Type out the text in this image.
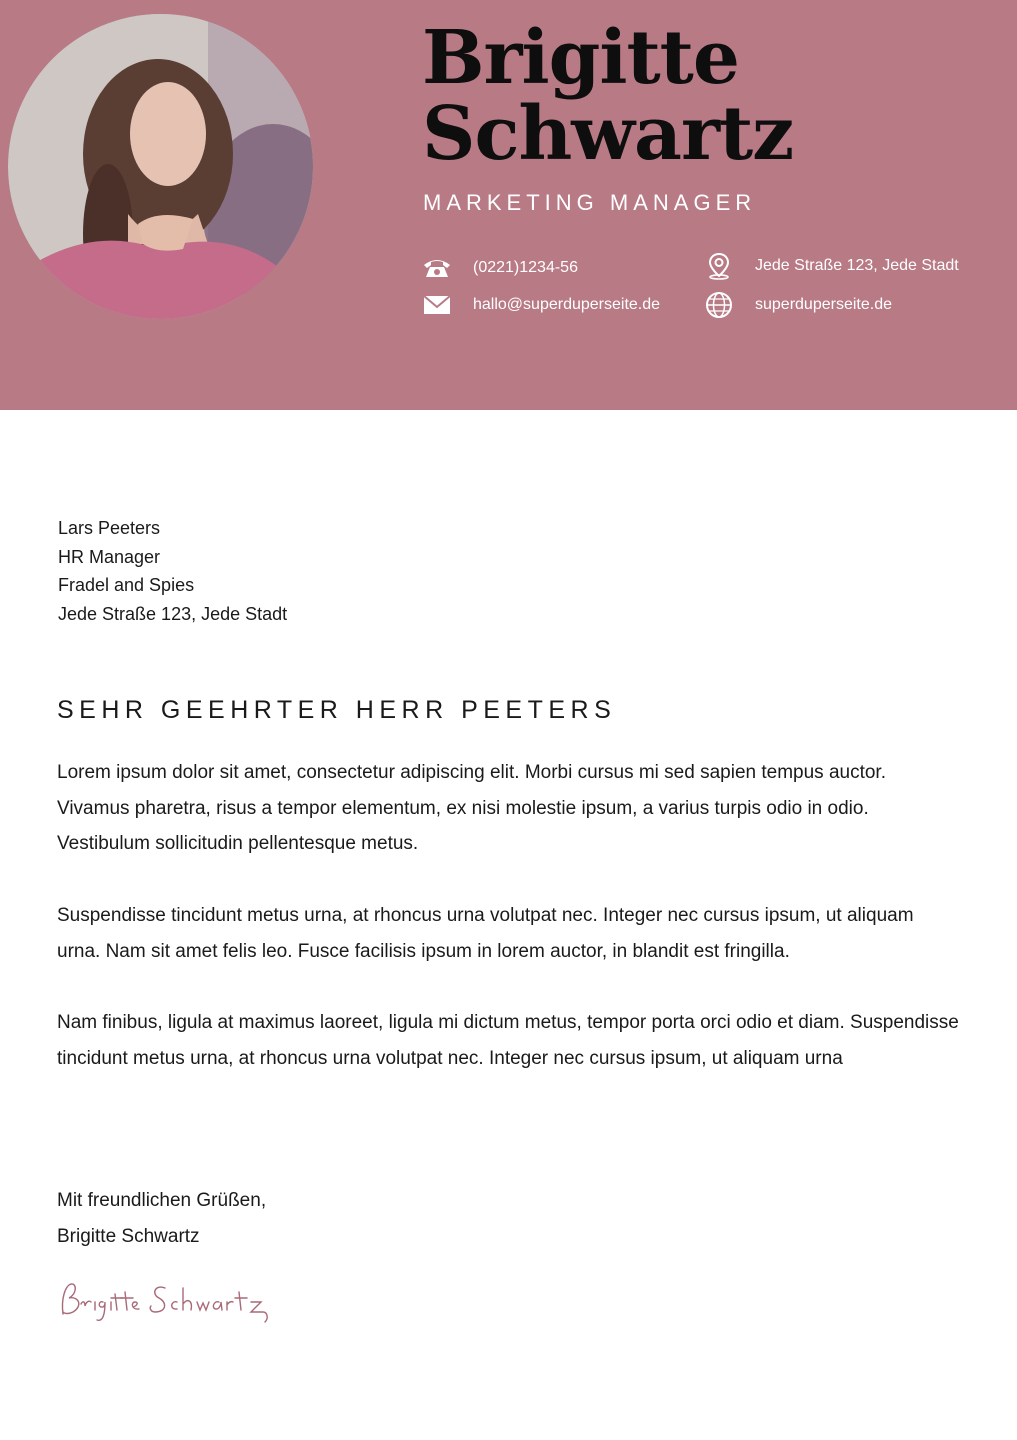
Brigitte
Schwartz
MARKETING MANAGER
(0221)1234-56
hallo@superduperseite.de
Jede Straße 123, Jede Stadt
superduperseite.de
Lars Peeters
HR Manager
Fradel and Spies
Jede Straße 123, Jede Stadt
SEHR GEEHRTER HERR PEETERS

Lorem ipsum dolor sit amet, consectetur adipiscing elit. Morbi cursus mi sed sapien tempus auctor. Vivamus pharetra, risus a tempor elementum, ex nisi molestie ipsum, a varius turpis odio in odio. Vestibulum sollicitudin pellentesque metus.

Suspendisse tincidunt metus urna, at rhoncus urna volutpat nec. Integer nec cursus ipsum, ut aliquam urna. Nam sit amet felis leo. Fusce facilisis ipsum in lorem auctor, in blandit est fringilla.

Nam finibus, ligula at maximus laoreet, ligula mi dictum metus, tempor porta orci odio et diam. Suspendisse tincidunt metus urna, at rhoncus urna volutpat nec. Integer nec cursus ipsum, ut aliquam urna

Mit freundlichen Grüßen,
Brigitte Schwartz
